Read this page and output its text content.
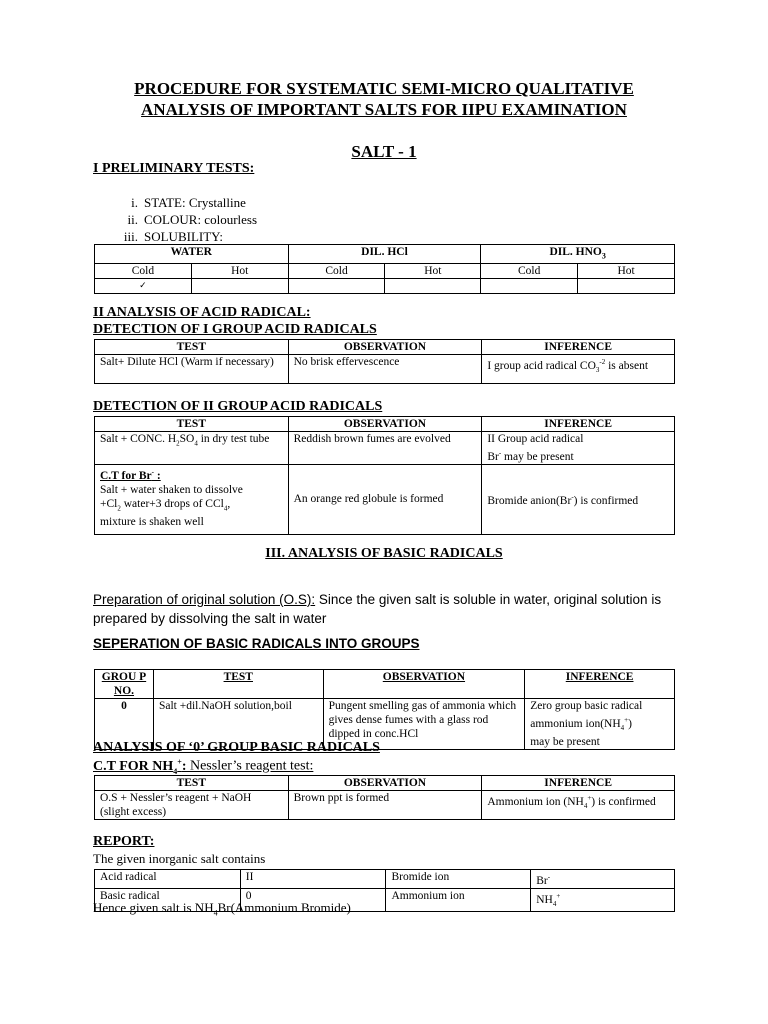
PROCEDURE FOR SYSTEMATIC SEMI-MICRO QUALITATIVE
ANALYSIS OF IMPORTANT SALTS FOR IIPU EXAMINATION
SALT - 1
I PRELIMINARY TESTS:
i. STATE: Crystalline
ii. COLOUR: colourless
iii. SOLUBILITY:
WATER		DIL. HCl		DIL. $HNO_3$
Cold	Hot	Cold	Hot	Cold	Hot
✓					
II ANALYSIS OF ACID RADICAL:
DETECTION OF I GROUP ACID RADICALS
TEST	OBSERVATION	INFERENCE
Salt+ Dilute HCl (Warm if necessary)	No brisk effervescence	I group acid radical $CO_3^{-2}$ is absent
DETECTION OF II GROUP ACID RADICALS
TEST	OBSERVATION	INFERENCE
Salt + CONC. $H_2SO_4$ in dry test tube	Reddish brown fumes are evolved	II Group acid radical
Br- may be present

C.T for Br- :
Salt + water shaken to dissolve
$+Cl_2$ water+3 drops of CCl$_4$,
mixture is shaken well	An orange red globule is formed	Bromide anion(Br-) is confirmed
III. ANALYSIS OF BASIC RADICALS
Preparation of original solution (O.S): Since the given salt is soluble in water, original solution is prepared by dissolving the salt in water
SEPERATION OF BASIC RADICALS INTO GROUPS
GROU P NO.	TEST	OBSERVATION	INFERENCE
0	Salt +dil.NaOH solution,boil	Pungent smelling gas of ammonia which gives dense fumes with a glass rod dipped in conc.HCl	Zero group basic radical
ammonium $ion(NH_4^+)$
may be present
ANALYSIS OF ‘0’ GROUP BASIC RADICALS
C.T FOR $NH_4^+$: Nessler’s reagent test:
TEST	OBSERVATION	INFERENCE
O.S + Nessler’s reagent + NaOH (slight excess)	Brown ppt is formed	Ammonium ion $(NH_4^+)$ is confirmed
REPORT:
The given inorganic salt contains
Acid radical	II	Bromide ion	Br-
Basic radical	0	Ammonium ion	$NH_4^+$
Hence given salt is $NH_4Br(Ammonium$ Bromide)
